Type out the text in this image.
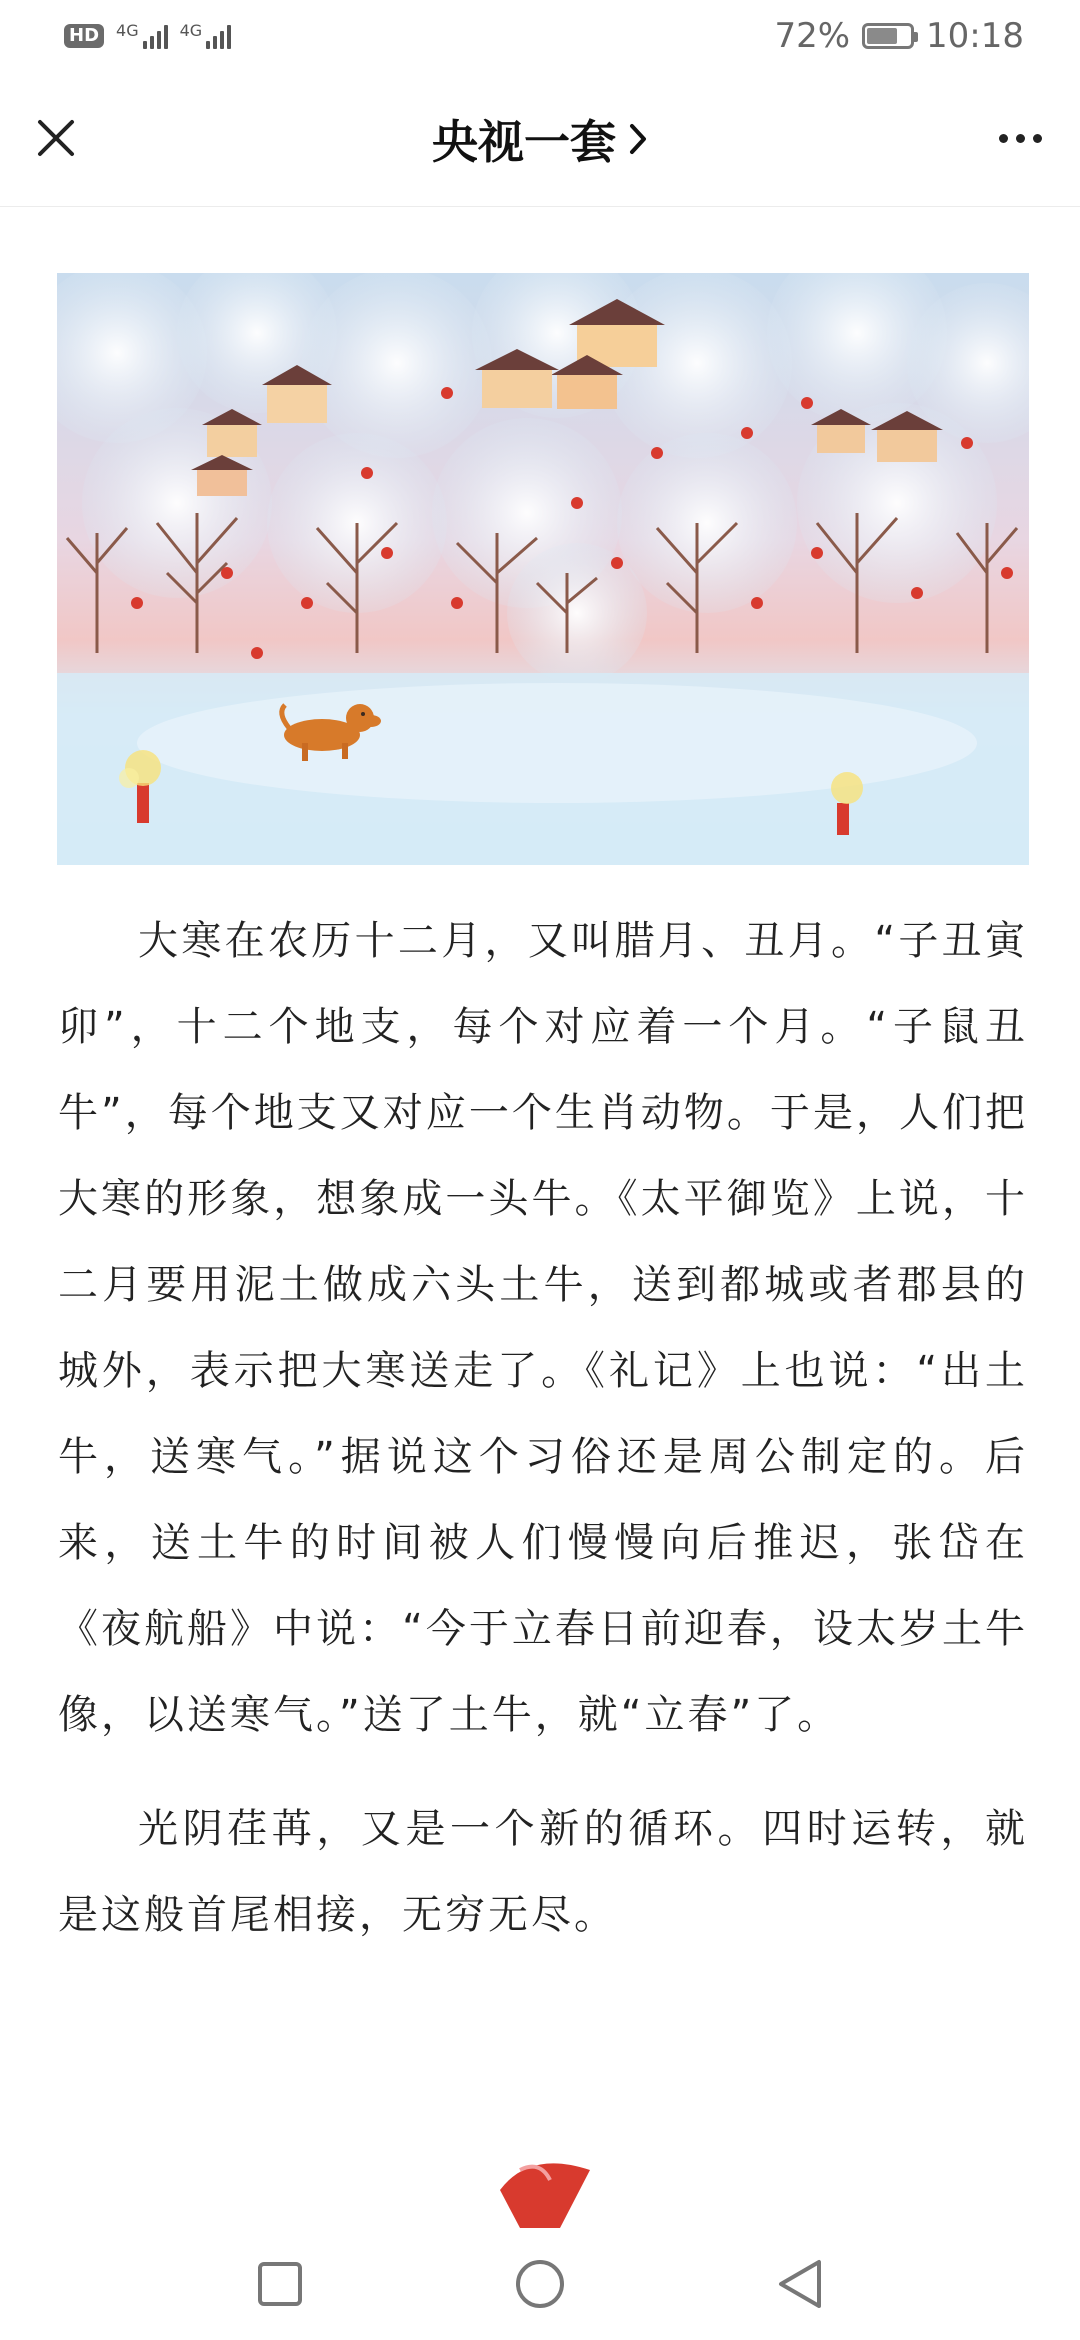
HD	4G	4G	72% 10:18
央视一套

大寒在农历十二月，又叫腊月、丑月。“子丑寅卯”，十二个地支，每个对应着一个月。“子鼠丑牛”，每个地支又对应一个生肖动物。于是，人们把大寒的形象，想象成一头牛。《太平御览》上说，十二月要用泥土做成六头土牛，送到都城或者郡县的城外，表示把大寒送走了。《礼记》上也说：“出土牛，送寒气。”据说这个习俗还是周公制定的。后来，送土牛的时间被人们慢慢向后推迟，张岱在《夜航船》中说：“今于立春日前迎春，设太岁土牛像，以送寒气。”送了土牛，就“立春”了。

光阴荏苒，又是一个新的循环。四时运转，就是这般首尾相接，无穷无尽。
